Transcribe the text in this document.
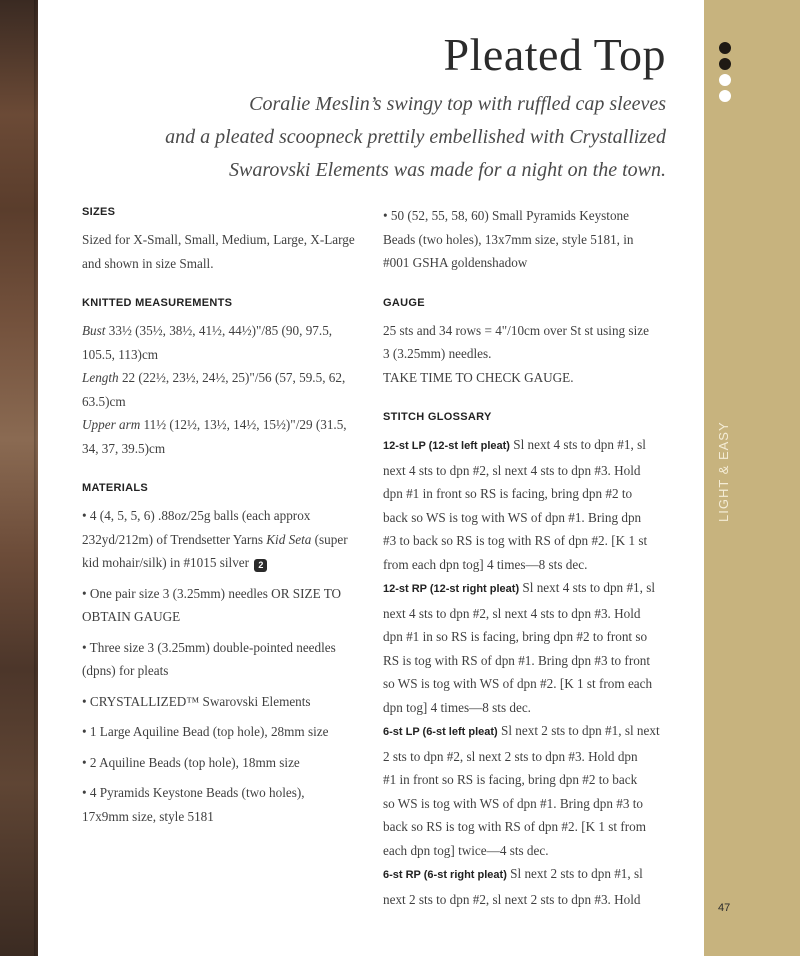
LIGHT & EASY
47
Pleated Top

Coralie Meslin’s swingy top with ruffled cap sleeves
and a pleated scoopneck prettily embellished with Crystallized
Swarovski Elements was made for a night on the town.

SIZES

Sized for X-Small, Small, Medium, Large, X-Large
and shown in size Small.

KNITTED MEASUREMENTS

Bust 33½ (35½, 38½, 41½, 44½)"/85 (90, 97.5,
105.5, 113)cm

Length 22 (22½, 23½, 24½, 25)"/56 (57, 59.5, 62,
63.5)cm

Upper arm 11½ (12½, 13½, 14½, 15½)"/29 (31.5,
34, 37, 39.5)cm

MATERIALS

• 4 (4, 5, 5, 6) .88oz/25g balls (each approx
232yd/212m) of Trendsetter Yarns Kid Seta (super
kid mohair/silk) in #1015 silver 2

• One pair size 3 (3.25mm) needles OR SIZE TO
OBTAIN GAUGE

• Three size 3 (3.25mm) double-pointed needles
(dpns) for pleats

• CRYSTALLIZED™ Swarovski Elements

• 1 Large Aquiline Bead (top hole), 28mm size

• 2 Aquiline Beads (top hole), 18mm size

• 4 Pyramids Keystone Beads (two holes),
17x9mm size, style 5181

• 50 (52, 55, 58, 60) Small Pyramids Keystone
Beads (two holes), 13x7mm size, style 5181, in
#001 GSHA goldenshadow

GAUGE

25 sts and 34 rows = 4"/10cm over St st using size
3 (3.25mm) needles.
TAKE TIME TO CHECK GAUGE.

STITCH GLOSSARY

12-st LP (12-st left pleat) Sl next 4 sts to dpn #1, sl
next 4 sts to dpn #2, sl next 4 sts to dpn #3. Hold
dpn #1 in front so RS is facing, bring dpn #2 to
back so WS is tog with WS of dpn #1. Bring dpn
#3 to back so RS is tog with RS of dpn #2. [K 1 st
from each dpn tog] 4 times—8 sts dec.

12-st RP (12-st right pleat) Sl next 4 sts to dpn #1, sl
next 4 sts to dpn #2, sl next 4 sts to dpn #3. Hold
dpn #1 in so RS is facing, bring dpn #2 to front so
RS is tog with RS of dpn #1. Bring dpn #3 to front
so WS is tog with WS of dpn #2. [K 1 st from each
dpn tog] 4 times—8 sts dec.

6-st LP (6-st left pleat) Sl next 2 sts to dpn #1, sl next
2 sts to dpn #2, sl next 2 sts to dpn #3. Hold dpn
#1 in front so RS is facing, bring dpn #2 to back
so WS is tog with WS of dpn #1. Bring dpn #3 to
back so RS is tog with RS of dpn #2. [K 1 st from
each dpn tog] twice—4 sts dec.

6-st RP (6-st right pleat) Sl next 2 sts to dpn #1, sl
next 2 sts to dpn #2, sl next 2 sts to dpn #3. Hold
